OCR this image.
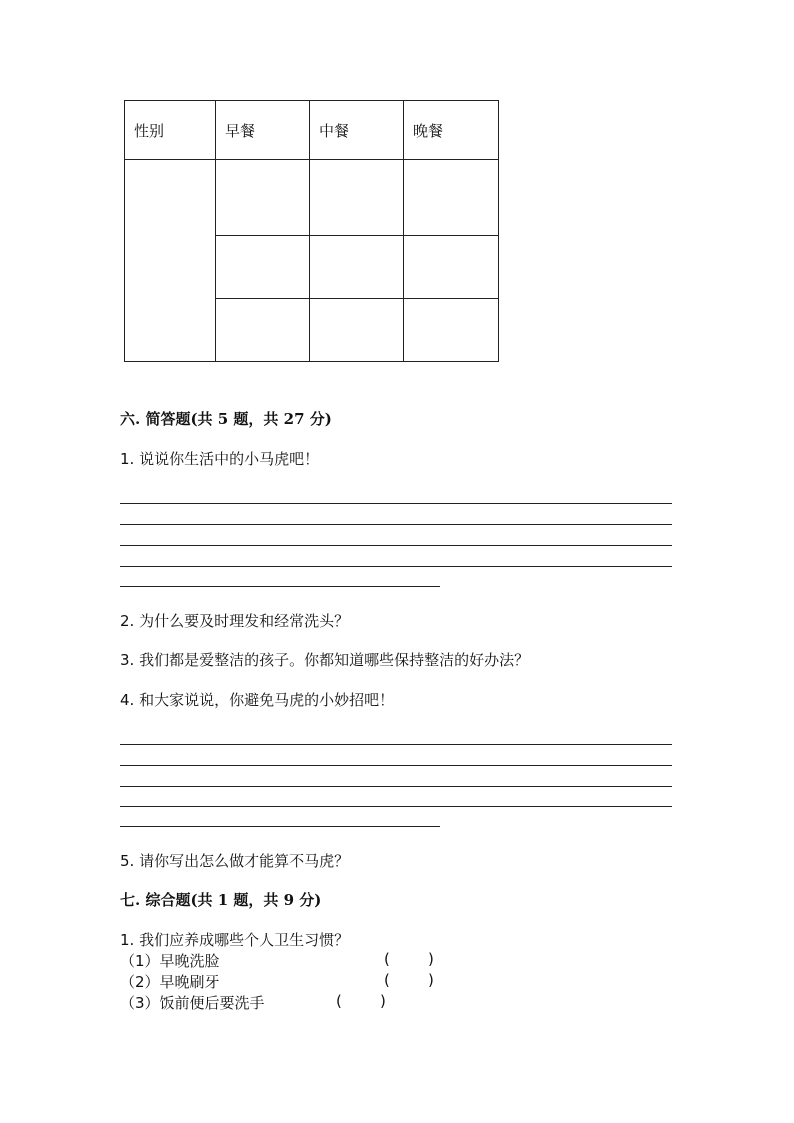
性别	早餐	中餐	晚餐

六. 简答题(共 5 题，共 27 分)
1. 说说你生活中的小马虎吧！
2. 为什么要及时理发和经常洗头？
3. 我们都是爱整洁的孩子。你都知道哪些保持整洁的好办法？
4. 和大家说说，你避免马虎的小妙招吧！
5. 请你写出怎么做才能算不马虎？
七. 综合题(共 1 题，共 9 分)
1. 我们应养成哪些个人卫生习惯？
（1）早晚洗脸	(        )
（2）早晚刷牙	(        )
（3）饭前便后要洗手	(        )
